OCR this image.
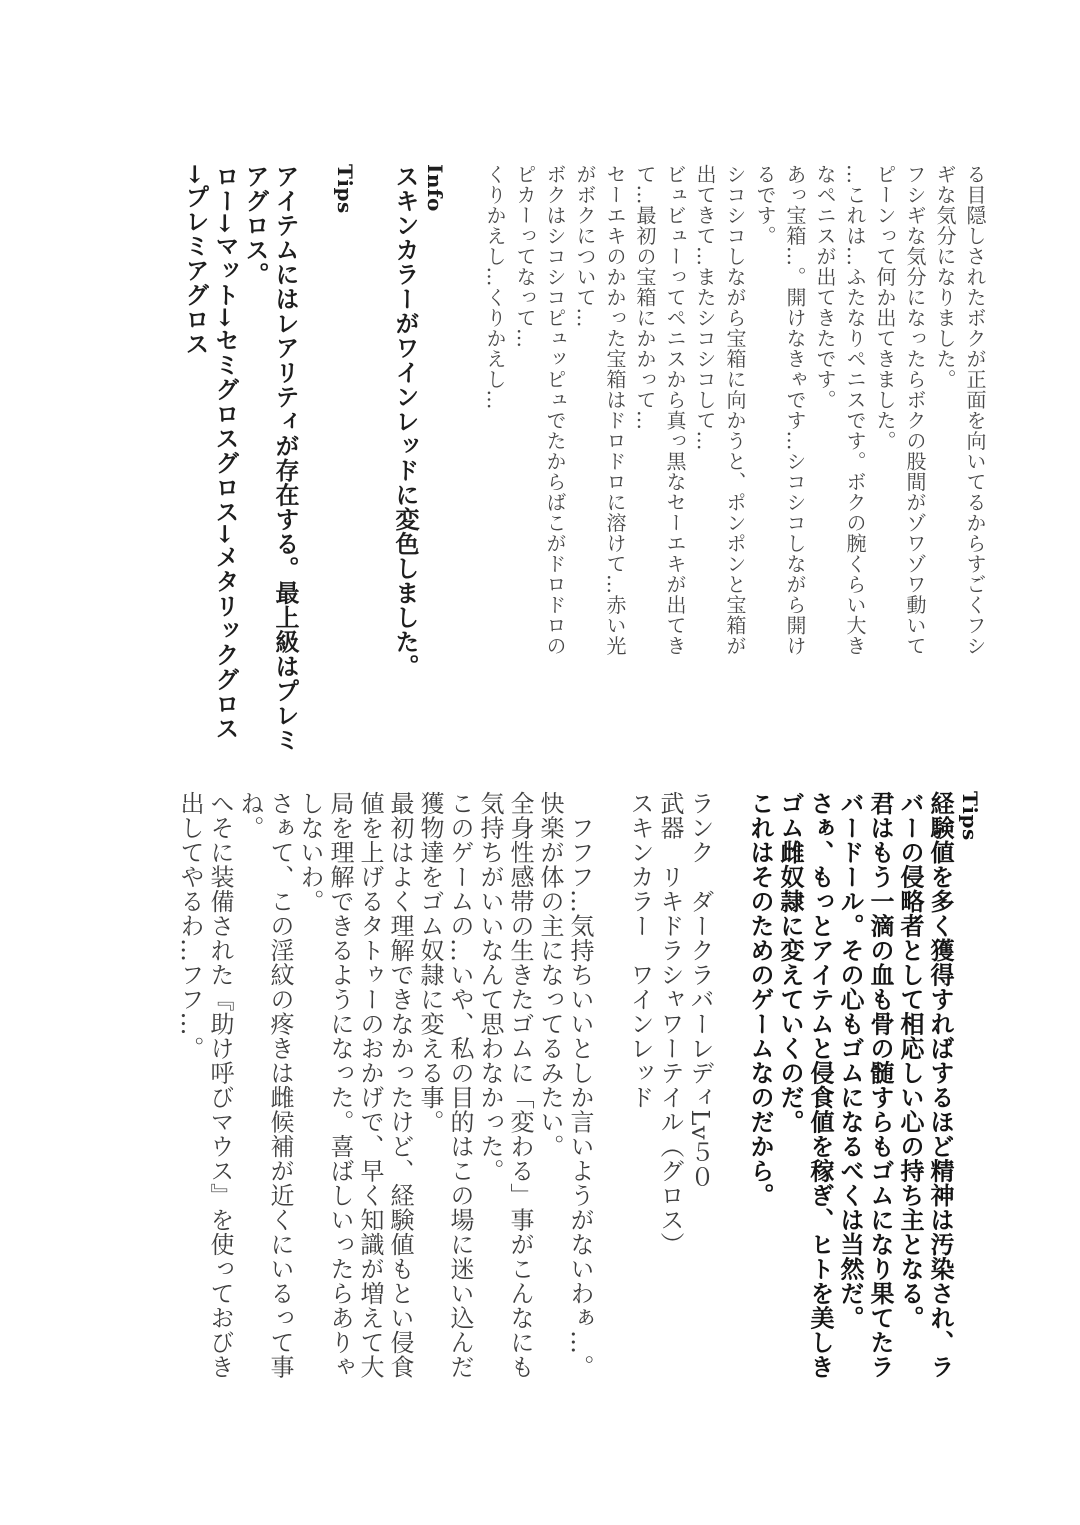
る目隠しされたボクが正面を向いてるからすごくフシ
ギな気分になりました。
フシギな気分になったらボクの股間がゾワゾワ動いて
ピーンって何か出てきました。
…これは…ふたなりペニスです。ボクの腕くらい大き
なペニスが出てきたです。
あっ宝箱…。開けなきゃです…シコシコしながら開け
るです。
シコシコしながら宝箱に向かうと、ポンポンと宝箱が
出てきて…またシコシコして…
ビュビューってペニスから真っ黒なセーエキが出てき
て…最初の宝箱にかかって…
セーエキのかかった宝箱はドロドロに溶けて…赤い光
がボクについて…
ボクはシコシコピュッピュでたからばこがドロドロの
ピカーってなって…
くりかえし…くりかえし…

Info
スキンカラーがワインレッドに変色しました。

Tips

アイテムにはレアリティが存在する。最上級はプレミ
アグロス。
ロー→マット→セミグロスグロス→メタリックグロス
→プレミアグロス
Tips
経験値を多く獲得すればするほど精神は汚染され、ラ
バーの侵略者として相応しい心の持ち主となる。
君はもう一滴の血も骨の髄すらもゴムになり果てたラ
バードール。その心もゴムになるべくは当然だ。
さぁ、もっとアイテムと侵食値を稼ぎ、ヒトを美しき
ゴム雌奴隷に変えていくのだ。
これはそのためのゲームなのだから。

ランク　ダークラバーレディLv５０
武器　リキドラシャワーテイル（グロス）
スキンカラー　ワインレッド

　フフフ…気持ちいいとしか言いようがないわぁ…。
快楽が体の主になってるみたい。
全身性感帯の生きたゴムに「変わる」事がこんなにも
気持ちがいいなんて思わなかった。
このゲームの…いや、私の目的はこの場に迷い込んだ
獲物達をゴム奴隷に変える事。
最初はよく理解できなかったけど、経験値もとい侵食
値を上げるタトゥーのおかげで、早く知識が増えて大
局を理解できるようになった。喜ばしいったらありゃ
しないわ。
さぁて、この淫紋の疼きは雌候補が近くにいるって事
ね。
へそに装備された『助け呼びマウス』を使っておびき
出してやるわ…フフ…。
